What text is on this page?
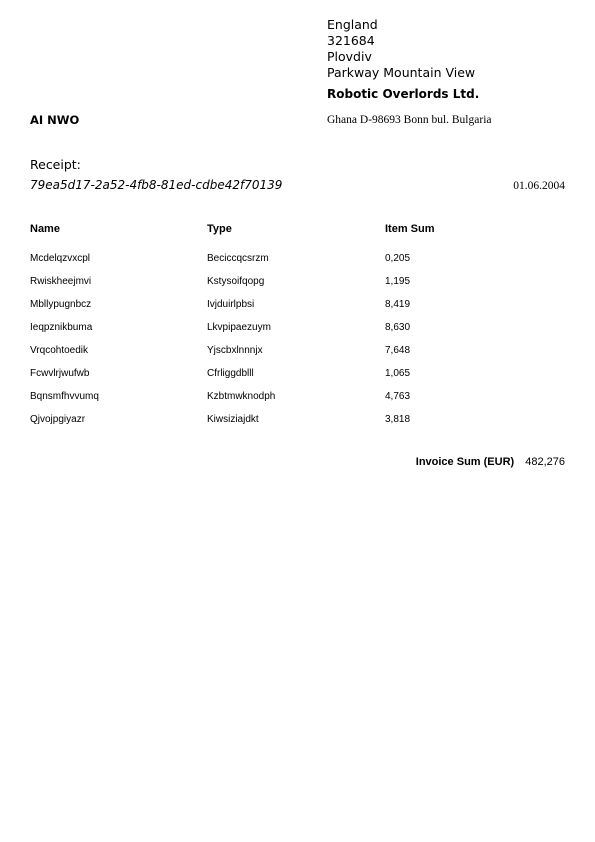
England
321684
Plovdiv
Parkway Mountain View
Robotic Overlords Ltd.
AI NWO	Ghana D-98693 Bonn bul. Bulgaria
Receipt:
79ea5d17-2a52-4fb8-81ed-cdbe42f70139	01.06.2004
Name	Type	Item Sum
Mcdelqzvxcpl	Beciccqcsrzm	0,205
Rwiskheejmvi	Kstysoifqopg	1,195
Mbllypugnbcz	Ivjduirlpbsi	8,419
Ieqpznikbuma	Lkvpipaezuym	8,630
Vrqcohtoedik	Yjscbxlnnnjx	7,648
Fcwvlrjwufwb	Cfrliggdblll	1,065
Bqnsmfhvvumq	Kzbtmwknodph	4,763
Qjvojpgiyazr	Kiwsiziajdkt	3,818
Invoice Sum (EUR) 482,276
